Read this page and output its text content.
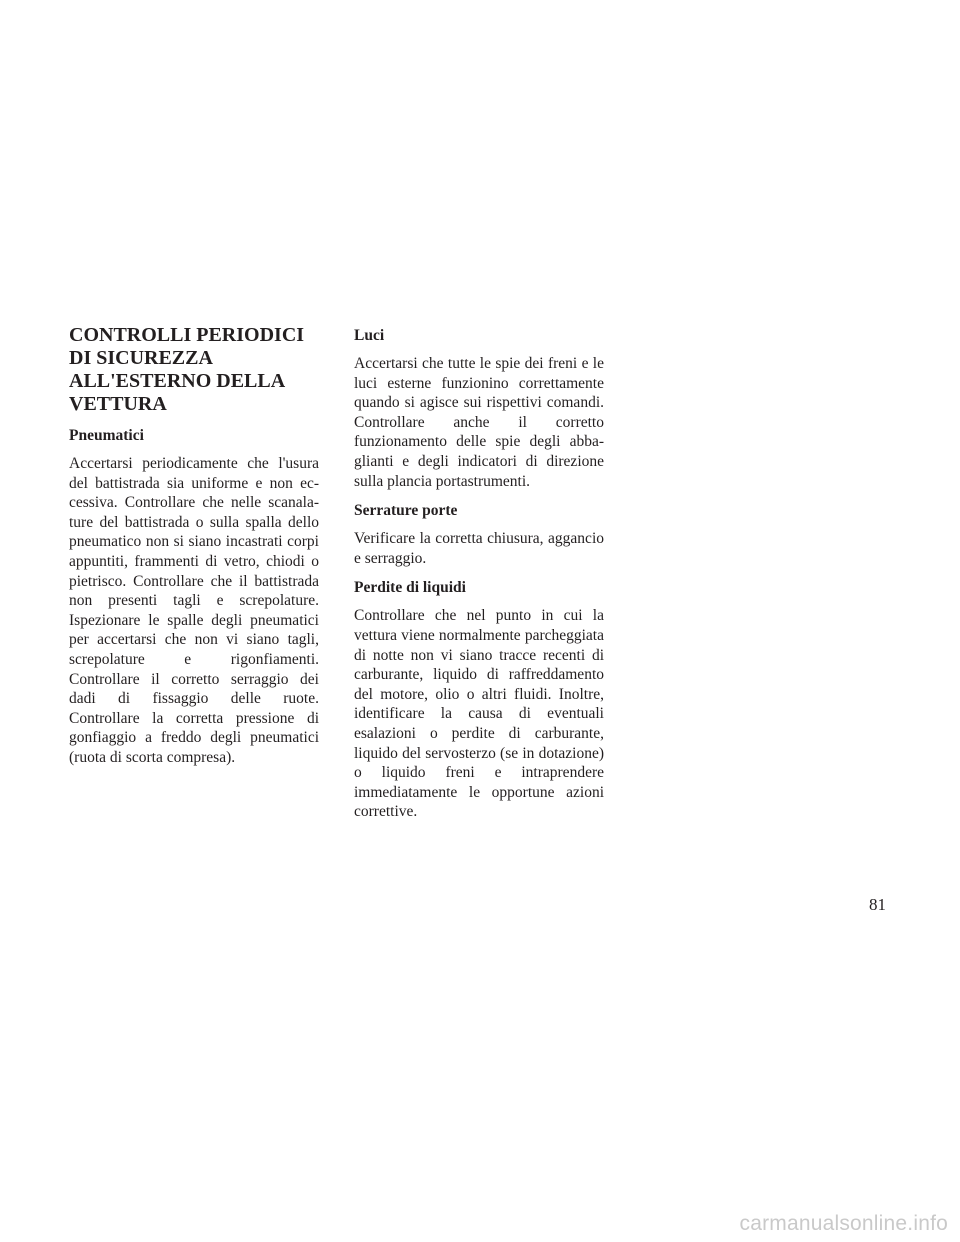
CONTROLLI PERIODICI DI SICUREZZA ALL'ESTERNO DELLA VETTURA
Pneumatici

Accertarsi periodicamente che l'usura del battistrada sia uniforme e non eccessiva. Controllare che nelle scanalature del battistrada o sulla spalla dello pneumatico non si siano incastrati corpi appuntiti, frammenti di vetro, chiodi o pietrisco. Controllare che il battistrada non presenti tagli e screpolature. Ispezionare le spalle degli pneumatici per accertarsi che non vi siano tagli, screpolature e rigonfiamenti. Controllare il corretto serraggio dei dadi di fissaggio delle ruote. Controllare la corretta pressione di gonfiaggio a freddo degli pneumatici (ruota di scorta compresa).

Luci

Accertarsi che tutte le spie dei freni e le luci esterne funzionino correttamente quando si agisce sui rispettivi comandi. Controllare anche il corretto funzionamento delle spie degli abbaglianti e degli indicatori di direzione sulla plancia portastrumenti.

Serrature porte

Verificare la corretta chiusura, aggancio e serraggio.

Perdite di liquidi

Controllare che nel punto in cui la vettura viene normalmente parcheggiata di notte non vi siano tracce recenti di carburante, liquido di raffreddamento del motore, olio o altri fluidi. Inoltre, identificare la causa di eventuali esalazioni o perdite di carburante, liquido del servosterzo (se in dotazione) o liquido freni e intraprendere immediatamente le opportune azioni correttive.

81
carmanualsonline.info
